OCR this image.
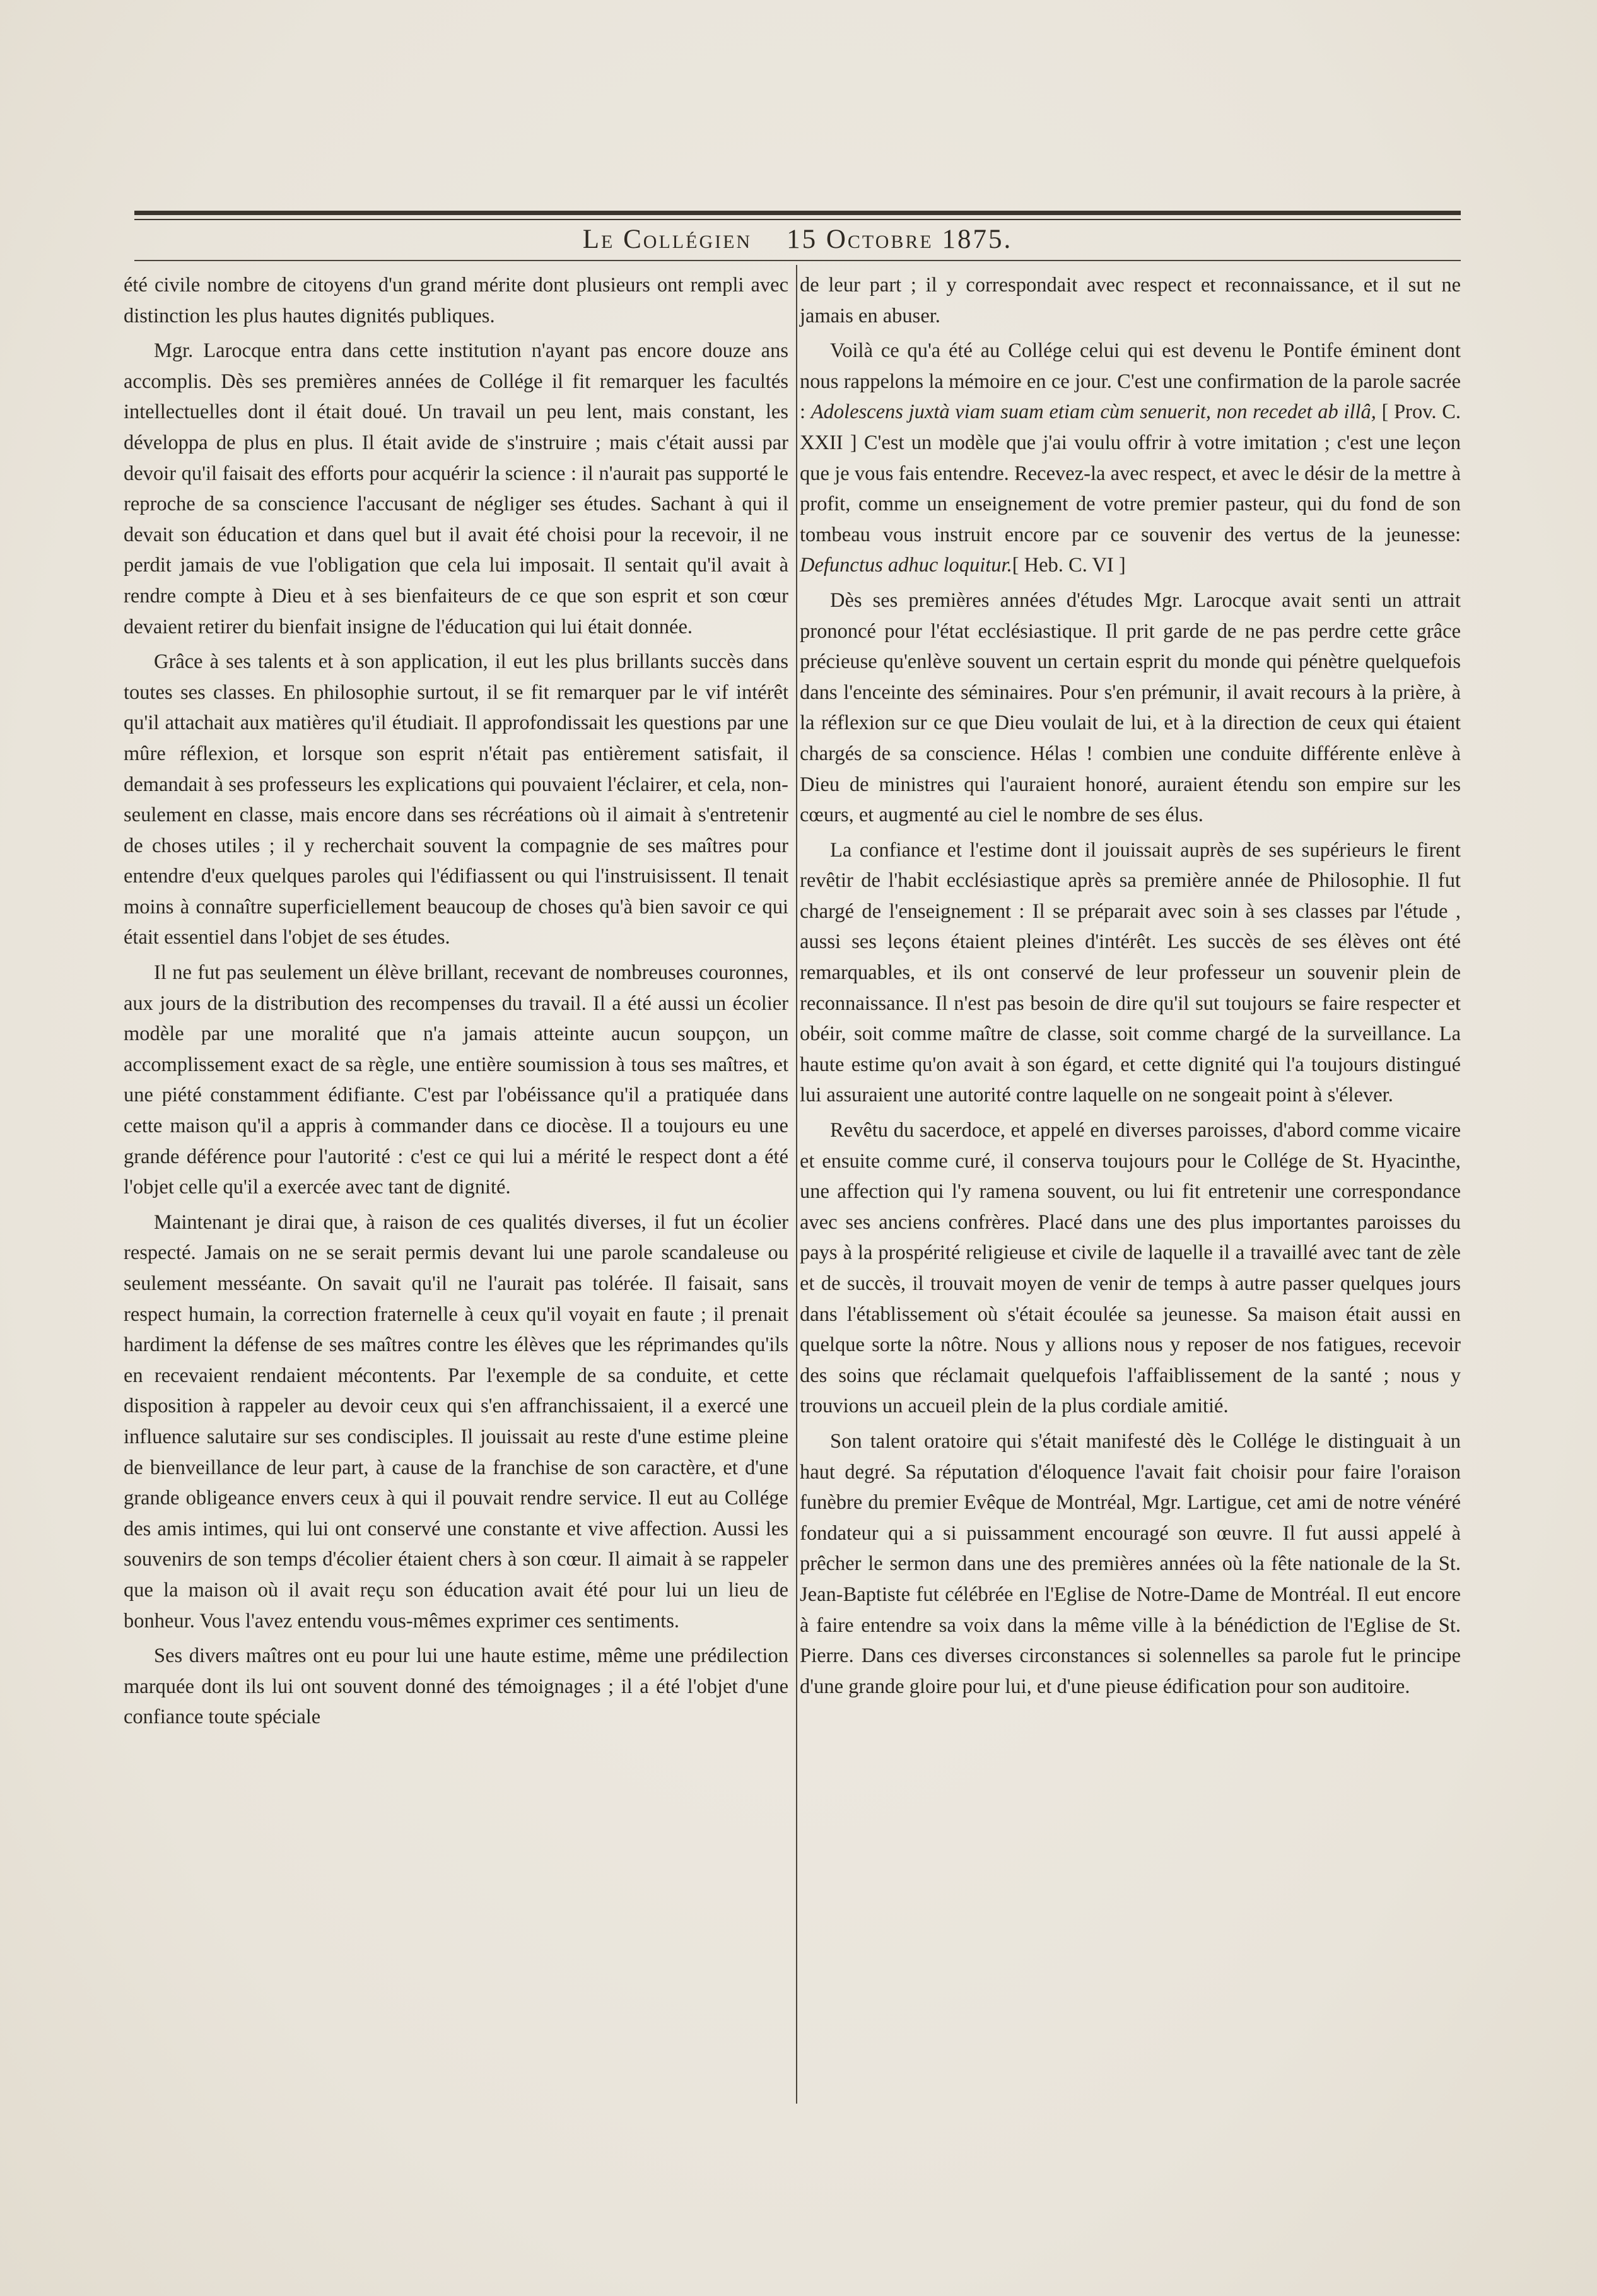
Le Collégien 15 Octobre 1875.

été civile nombre de citoyens d'un grand mérite dont plusieurs ont rempli avec distinction les plus hautes dignités publiques.

Mgr. Larocque entra dans cette institution n'ayant pas encore douze ans accomplis. Dès ses premières années de Collége il fit remarquer les facultés intellectuelles dont il était doué. Un travail un peu lent, mais constant, les développa de plus en plus. Il était avide de s'instruire ; mais c'était aussi par devoir qu'il faisait des efforts pour acquérir la science : il n'aurait pas supporté le reproche de sa conscience l'accusant de négliger ses études. Sachant à qui il devait son éducation et dans quel but il avait été choisi pour la recevoir, il ne perdit jamais de vue l'obligation que cela lui imposait. Il sentait qu'il avait à rendre compte à Dieu et à ses bienfaiteurs de ce que son esprit et son cœur devaient retirer du bienfait insigne de l'éducation qui lui était donnée.

Grâce à ses talents et à son application, il eut les plus brillants succès dans toutes ses classes. En philosophie surtout, il se fit remarquer par le vif intérêt qu'il attachait aux matières qu'il étudiait. Il approfondissait les questions par une mûre réflexion, et lorsque son esprit n'était pas entièrement satisfait, il demandait à ses professeurs les explications qui pouvaient l'éclairer, et cela, non-seulement en classe, mais encore dans ses récréations où il aimait à s'entretenir de choses utiles ; il y recherchait souvent la compagnie de ses maîtres pour entendre d'eux quelques paroles qui l'édifiassent ou qui l'instruisissent. Il tenait moins à connaître superficiellement beaucoup de choses qu'à bien savoir ce qui était essentiel dans l'objet de ses études.

Il ne fut pas seulement un élève brillant, recevant de nombreuses couronnes, aux jours de la distribution des recompenses du travail. Il a été aussi un écolier modèle par une moralité que n'a jamais atteinte aucun soupçon, un accomplissement exact de sa règle, une entière soumission à tous ses maîtres, et une piété constamment édifiante. C'est par l'obéissance qu'il a pratiquée dans cette maison qu'il a appris à commander dans ce diocèse. Il a toujours eu une grande déférence pour l'autorité : c'est ce qui lui a mérité le respect dont a été l'objet celle qu'il a exercée avec tant de dignité.

Maintenant je dirai que, à raison de ces qualités diverses, il fut un écolier respecté. Jamais on ne se serait permis devant lui une parole scandaleuse ou seulement messéante. On savait qu'il ne l'aurait pas tolérée. Il faisait, sans respect humain, la correction fraternelle à ceux qu'il voyait en faute ; il prenait hardiment la défense de ses maîtres contre les élèves que les réprimandes qu'ils en recevaient rendaient mécontents. Par l'exemple de sa conduite, et cette disposition à rappeler au devoir ceux qui s'en affranchissaient, il a exercé une influence salutaire sur ses condisciples. Il jouissait au reste d'une estime pleine de bienveillance de leur part, à cause de la franchise de son caractère, et d'une grande obligeance envers ceux à qui il pouvait rendre service. Il eut au Collége des amis intimes, qui lui ont conservé une constante et vive affection. Aussi les souvenirs de son temps d'écolier étaient chers à son cœur. Il aimait à se rappeler que la maison où il avait reçu son éducation avait été pour lui un lieu de bonheur. Vous l'avez entendu vous-mêmes exprimer ces sentiments.

Ses divers maîtres ont eu pour lui une haute estime, même une prédilection marquée dont ils lui ont souvent donné des témoignages ; il a été l'objet d'une confiance toute spéciale

de leur part ; il y correspondait avec respect et reconnaissance, et il sut ne jamais en abuser.

Voilà ce qu'a été au Collége celui qui est devenu le Pontife éminent dont nous rappelons la mémoire en ce jour. C'est une confirmation de la parole sacrée : Adolescens juxtà viam suam etiam cùm senuerit, non recedet ab illâ, [ Prov. C. XXII ] C'est un modèle que j'ai voulu offrir à votre imitation ; c'est une leçon que je vous fais entendre. Recevez-la avec respect, et avec le désir de la mettre à profit, comme un enseignement de votre premier pasteur, qui du fond de son tombeau vous instruit encore par ce souvenir des vertus de la jeunesse: Defunctus adhuc loquitur.[ Heb. C. VI ]

Dès ses premières années d'études Mgr. Larocque avait senti un attrait prononcé pour l'état ecclésiastique. Il prit garde de ne pas perdre cette grâce précieuse qu'enlève souvent un certain esprit du monde qui pénètre quelquefois dans l'enceinte des séminaires. Pour s'en prémunir, il avait recours à la prière, à la réflexion sur ce que Dieu voulait de lui, et à la direction de ceux qui étaient chargés de sa conscience. Hélas ! combien une conduite différente enlève à Dieu de ministres qui l'auraient honoré, auraient étendu son empire sur les cœurs, et augmenté au ciel le nombre de ses élus.

La confiance et l'estime dont il jouissait auprès de ses supérieurs le firent revêtir de l'habit ecclésiastique après sa première année de Philosophie. Il fut chargé de l'enseignement : Il se préparait avec soin à ses classes par l'étude , aussi ses leçons étaient pleines d'intérêt. Les succès de ses élèves ont été remarquables, et ils ont conservé de leur professeur un souvenir plein de reconnaissance. Il n'est pas besoin de dire qu'il sut toujours se faire respecter et obéir, soit comme maître de classe, soit comme chargé de la surveillance. La haute estime qu'on avait à son égard, et cette dignité qui l'a toujours distingué lui assuraient une autorité contre laquelle on ne songeait point à s'élever.

Revêtu du sacerdoce, et appelé en diverses paroisses, d'abord comme vicaire et ensuite comme curé, il conserva toujours pour le Collége de St. Hyacinthe, une affection qui l'y ramena souvent, ou lui fit entretenir une correspondance avec ses anciens confrères. Placé dans une des plus importantes paroisses du pays à la prospérité religieuse et civile de laquelle il a travaillé avec tant de zèle et de succès, il trouvait moyen de venir de temps à autre passer quelques jours dans l'établissement où s'était écoulée sa jeunesse. Sa maison était aussi en quelque sorte la nôtre. Nous y allions nous y reposer de nos fatigues, recevoir des soins que réclamait quelquefois l'affaiblissement de la santé ; nous y trouvions un accueil plein de la plus cordiale amitié.

Son talent oratoire qui s'était manifesté dès le Collége le distinguait à un haut degré. Sa réputation d'éloquence l'avait fait choisir pour faire l'oraison funèbre du premier Evêque de Montréal, Mgr. Lartigue, cet ami de notre vénéré fondateur qui a si puissamment encouragé son œuvre. Il fut aussi appelé à prêcher le sermon dans une des premières années où la fête nationale de la St. Jean-Baptiste fut célébrée en l'Eglise de Notre-Dame de Montréal. Il eut encore à faire entendre sa voix dans la même ville à la bénédiction de l'Eglise de St. Pierre. Dans ces diverses circonstances si solennelles sa parole fut le principe d'une grande gloire pour lui, et d'une pieuse édification pour son auditoire.
